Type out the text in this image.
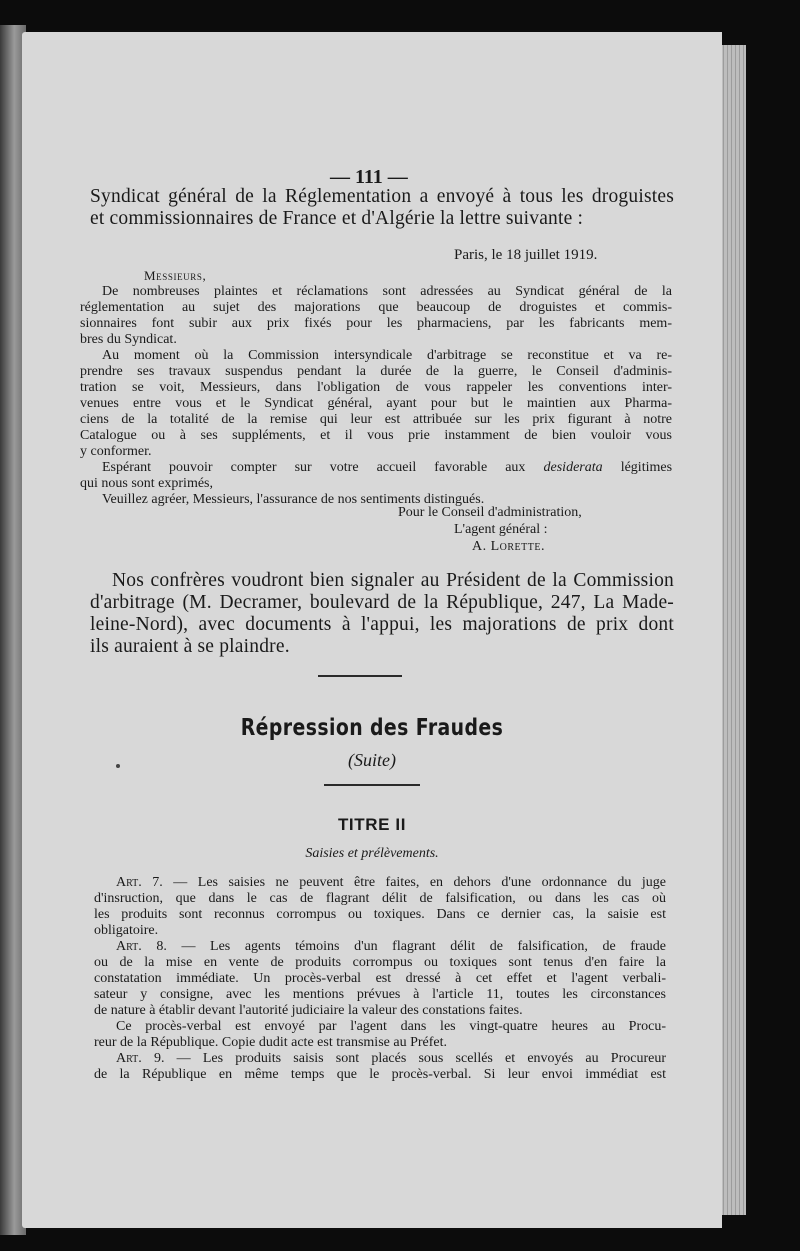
— 111 —
Syndicat général de la Réglementation a envoyé à tous les droguistes
et commissionnaires de France et d'Algérie la lettre suivante :
Paris, le 18 juillet 1919.
Messieurs,
De nombreuses plaintes et réclamations sont adressées au Syndicat général de la
réglementation au sujet des majorations que beaucoup de droguistes et commis-
sionnaires font subir aux prix fixés pour les pharmaciens, par les fabricants mem-
bres du Syndicat.
Au moment où la Commission intersyndicale d'arbitrage se reconstitue et va re-
prendre ses travaux suspendus pendant la durée de la guerre, le Conseil d'adminis-
tration se voit, Messieurs, dans l'obligation de vous rappeler les conventions inter-
venues entre vous et le Syndicat général, ayant pour but le maintien aux Pharma-
ciens de la totalité de la remise qui leur est attribuée sur les prix figurant à notre
Catalogue ou à ses suppléments, et il vous prie instamment de bien vouloir vous
y conformer.
Espérant pouvoir compter sur votre accueil favorable aux desiderata légitimes
qui nous sont exprimés,
Veuillez agréer, Messieurs, l'assurance de nos sentiments distingués.
Pour le Conseil d'administration,
L'agent général :
A. Lorette.
Nos confrères voudront bien signaler au Président de la Commission
d'arbitrage (M. Decramer, boulevard de la République, 247, La Made-
leine-Nord), avec documents à l'appui, les majorations de prix dont
ils auraient à se plaindre.
Répression des Fraudes
(Suite)
TITRE II
Saisies et prélèvements.
Art. 7. — Les saisies ne peuvent être faites, en dehors d'une ordonnance du juge
d'insruction, que dans le cas de flagrant délit de falsification, ou dans les cas où
les produits sont reconnus corrompus ou toxiques. Dans ce dernier cas, la saisie est
obligatoire.
Art. 8. — Les agents témoins d'un flagrant délit de falsification, de fraude
ou de la mise en vente de produits corrompus ou toxiques sont tenus d'en faire la
constatation immédiate. Un procès-verbal est dressé à cet effet et l'agent verbali-
sateur y consigne, avec les mentions prévues à l'article 11, toutes les circonstances
de nature à établir devant l'autorité judiciaire la valeur des constations faites.
Ce procès-verbal est envoyé par l'agent dans les vingt-quatre heures au Procu-
reur de la République. Copie dudit acte est transmise au Préfet.
Art. 9. — Les produits saisis sont placés sous scellés et envoyés au Procureur
de la République en même temps que le procès-verbal. Si leur envoi immédiat est
